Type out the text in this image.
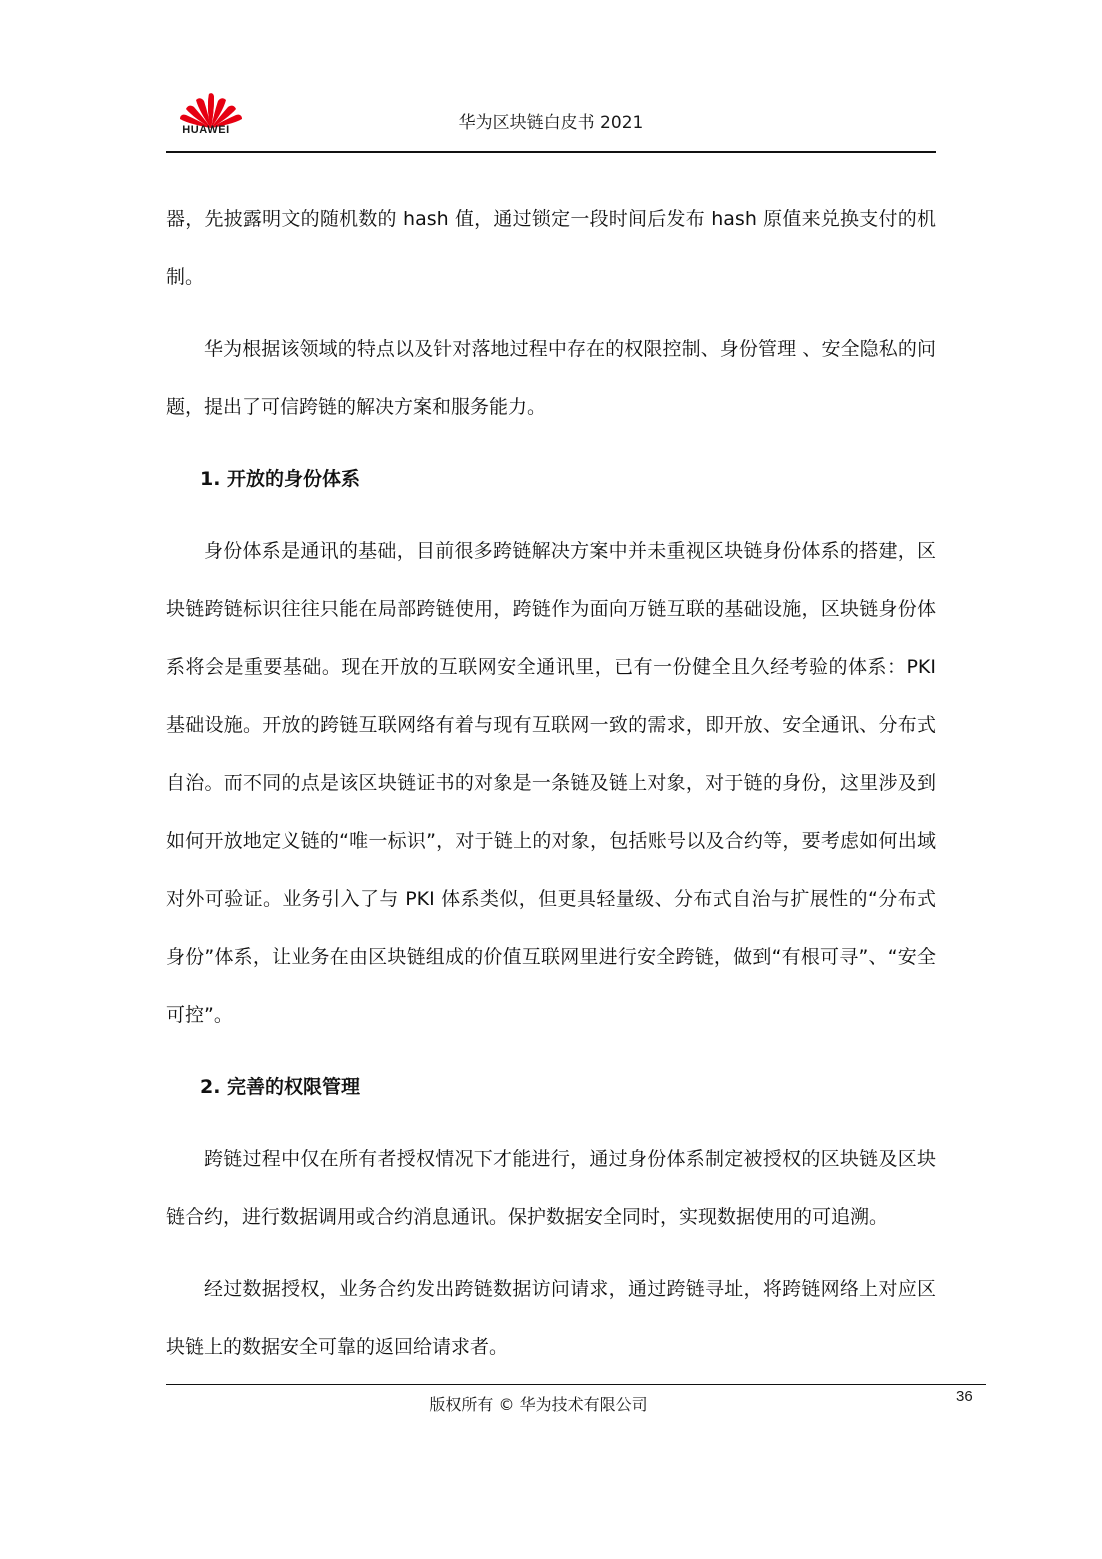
HUAWEI	华为区块链白皮书 2021

器，先披露明文的随机数的 hash 值，通过锁定一段时间后发布 hash 原值来兑换支付的机制。

华为根据该领域的特点以及针对落地过程中存在的权限控制、身份管理 、安全隐私的问题，提出了可信跨链的解决方案和服务能力。

1. 开放的身份体系

身份体系是通讯的基础，目前很多跨链解决方案中并未重视区块链身份体系的搭建，区块链跨链标识往往只能在局部跨链使用，跨链作为面向万链互联的基础设施，区块链身份体系将会是重要基础。现在开放的互联网安全通讯里，已有一份健全且久经考验的体系：PKI 基础设施。开放的跨链互联网络有着与现有互联网一致的需求，即开放、安全通讯、分布式自治。而不同的点是该区块链证书的对象是一条链及链上对象，对于链的身份，这里涉及到如何开放地定义链的“唯一标识”，对于链上的对象，包括账号以及合约等，要考虑如何出域对外可验证。业务引入了与 PKI 体系类似，但更具轻量级、分布式自治与扩展性的“分布式身份”体系，让业务在由区块链组成的价值互联网里进行安全跨链，做到“有根可寻”、“安全可控”。

2. 完善的权限管理

跨链过程中仅在所有者授权情况下才能进行，通过身份体系制定被授权的区块链及区块链合约，进行数据调用或合约消息通讯。保护数据安全同时，实现数据使用的可追溯。

经过数据授权，业务合约发出跨链数据访问请求，通过跨链寻址，将跨链网络上对应区块链上的数据安全可靠的返回给请求者。

版权所有 © 华为技术有限公司	36
